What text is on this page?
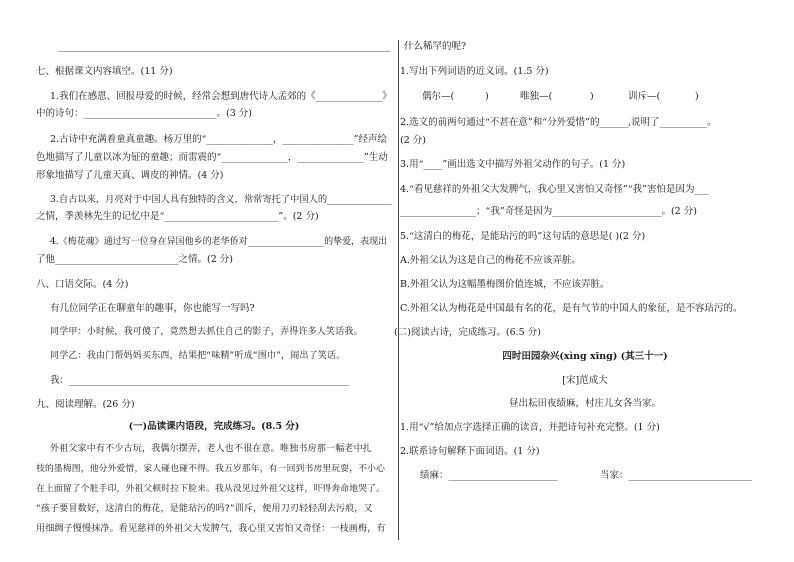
______________________________________________________________________
七、根据课文内容填空。(11 分)
1.我们在感恩、回报母爱的时候，经常会想到唐代诗人孟郊的《______________》
中的诗句：____________________________。(3 分)
2.古诗中充满着童真童趣。杨万里的“______________，_______________”经声绘
色地描写了儿童以冰为钲的童趣；而雷震的“______________，______________”生动
形象地描写了儿童天真、调皮的神情。(4 分)
3.自古以来，月亮对于中国人具有独特的含义，常常寄托了中国人的______________
之情，季羡林先生的记忆中是“________________________”。(2 分)
4.《梅花魂》通过写一位身在异国他乡的老华侨对_________________的挚爱，表现出
了他__________________________之情。(2 分)
八、口语交际。(4 分)
有几位同学正在聊童年的趣事，你也能写一写吗?
同学甲：小时候，我可傻了，竟然想去抓住自己的影子，弄得许多人笑话我。
同学乙：我由门帮妈妈买东西，结果把“味精”听成“围巾”，闹出了笑话。
我：___________________________________________________________
九、阅读理解。(26 分)
(一)品读课内语段，完成练习。(8.5 分)
外祖父家中有不少古玩，我偶尔摆弄，老人也不很在意。唯独书房那一幅老中扎
枝的墨梅图，他分外爱惜，家人碰也碰不得。我五岁那年，有一回到书房里玩耍，不小心
在上面留了个脏手印，外祖父顿时拉下脸来。我从没见过外祖父这样，吓得奔命地哭了。
“孩子要冒数好，这清白的梅花，是能玷污的吗?”训斥，便用刀刃轻轻刮去污痕，又
用细绸子慢慢抹净。看见慈祥的外祖父大发脾气，我心里又害怕又奇怪：一枝画梅，有
什么稀罕的呢?
1.写出下列词语的近义词。(1.5 分)
偶尔—(	)	唯独—(	)	训斥—(	)
2.选文的前两句通过“不甚在意”和“分外爱惜”的______,说明了__________。
(2 分)
3.用“____”画出选文中描写外祖父动作的句子。(1 分)
4.“看见慈祥的外祖父大发脾气，我心里又害怕又奇怪”“我”害怕是因为___
________________；“我”奇怪是因为_______________________。(2 分)
5.“这清白的梅花，是能玷污的吗”这句话的意思是( )(2 分)
A.外祖父认为这是自己的梅花不应该弄脏。
B.外祖父认为这幅墨梅图价值连城，不应该弄脏。
C.外祖父认为梅花是中国最有名的花，是有气节的中国人的象征，是不容玷污的。
(二)阅读古诗，完成练习。(6.5 分)
四时田园杂兴(xìng xīng) (其三十一)
[宋]范成大
昼出耘田夜绩麻，村庄儿女各当家。
1.用“√”给加点字选择正确的读音，并把诗句补充完整。(1 分)
2.联系诗句解释下面词语。(1 分)
绩麻：_______________________	当家：__________________________
